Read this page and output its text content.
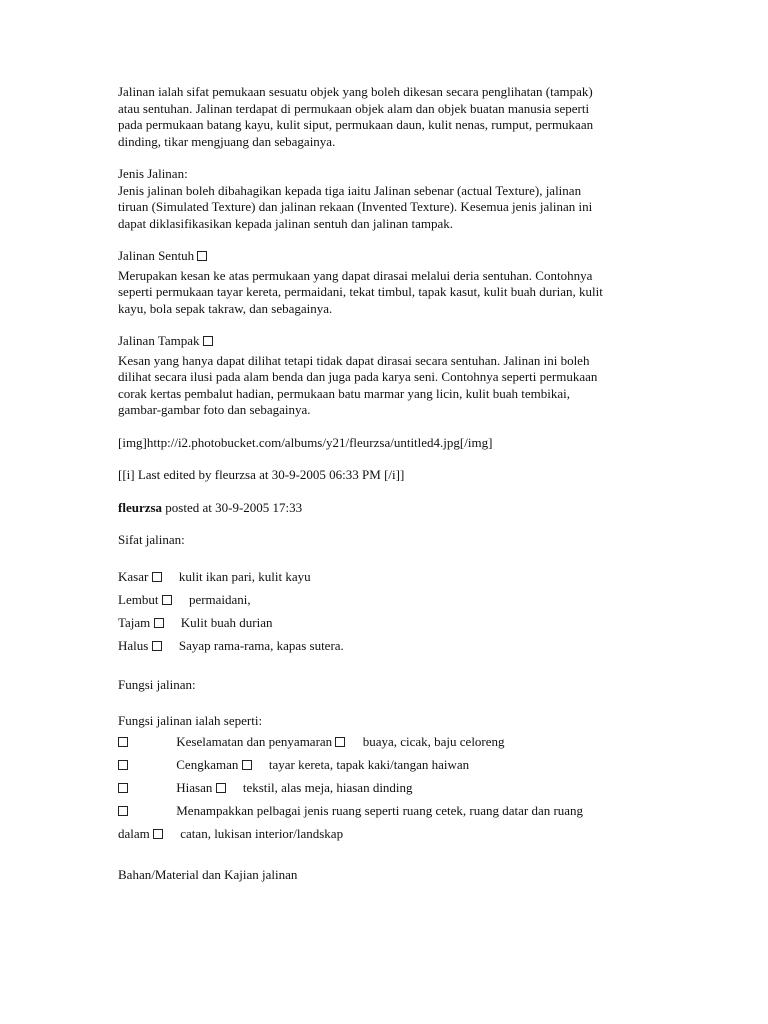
Jalinan ialah sifat pemukaan sesuatu objek yang boleh dikesan secara penglihatan (tampak)

atau sentuhan. Jalinan terdapat di permukaan objek alam dan objek buatan manusia seperti

pada permukaan batang kayu, kulit siput, permukaan daun, kulit nenas, rumput, permukaan

dinding, tikar mengjuang dan sebagainya.

Jenis Jalinan:

Jenis jalinan boleh dibahagikan kepada tiga iaitu Jalinan sebenar (actual Texture), jalinan

tiruan (Simulated Texture) dan jalinan rekaan (Invented Texture). Kesemua jenis jalinan ini

dapat diklasifikasikan kepada jalinan sentuh dan jalinan tampak.

Jalinan Sentuh

Merupakan kesan ke atas permukaan yang dapat dirasai melalui deria sentuhan. Contohnya

seperti permukaan tayar kereta, permaidani, tekat timbul, tapak kasut, kulit buah durian, kulit

kayu, bola sepak takraw, dan sebagainya.

Jalinan Tampak

Kesan yang hanya dapat dilihat tetapi tidak dapat dirasai secara sentuhan. Jalinan ini boleh

dilihat secara ilusi pada alam benda dan juga pada karya seni. Contohnya seperti permukaan

corak kertas pembalut hadian, permukaan batu marmar yang licin, kulit buah tembikai,

gambar-gambar foto dan sebagainya.

[img]http://i2.photobucket.com/albums/y21/fleurzsa/untitled4.jpg[/img]

[[i] Last edited by fleurzsa at 30-9-2005 06:33 PM [/i]]

fleurzsa posted at 30-9-2005 17:33

Sifat jalinan:

Kasar kulit ikan pari, kulit kayu
Lembut permaidani,
Tajam Kulit buah durian
Halus Sayap rama-rama, kapas sutera.

Fungsi jalinan:

Fungsi jalinan ialah seperti:

Keselamatan dan penyamaran buaya, cicak, baju celoreng
Cengkaman tayar kereta, tapak kaki/tangan haiwan
Hiasan tekstil, alas meja, hiasan dinding
Menampakkan pelbagai jenis ruang seperti ruang cetek, ruang datar dan ruang
dalam catan, lukisan interior/landskap

Bahan/Material dan Kajian jalinan
